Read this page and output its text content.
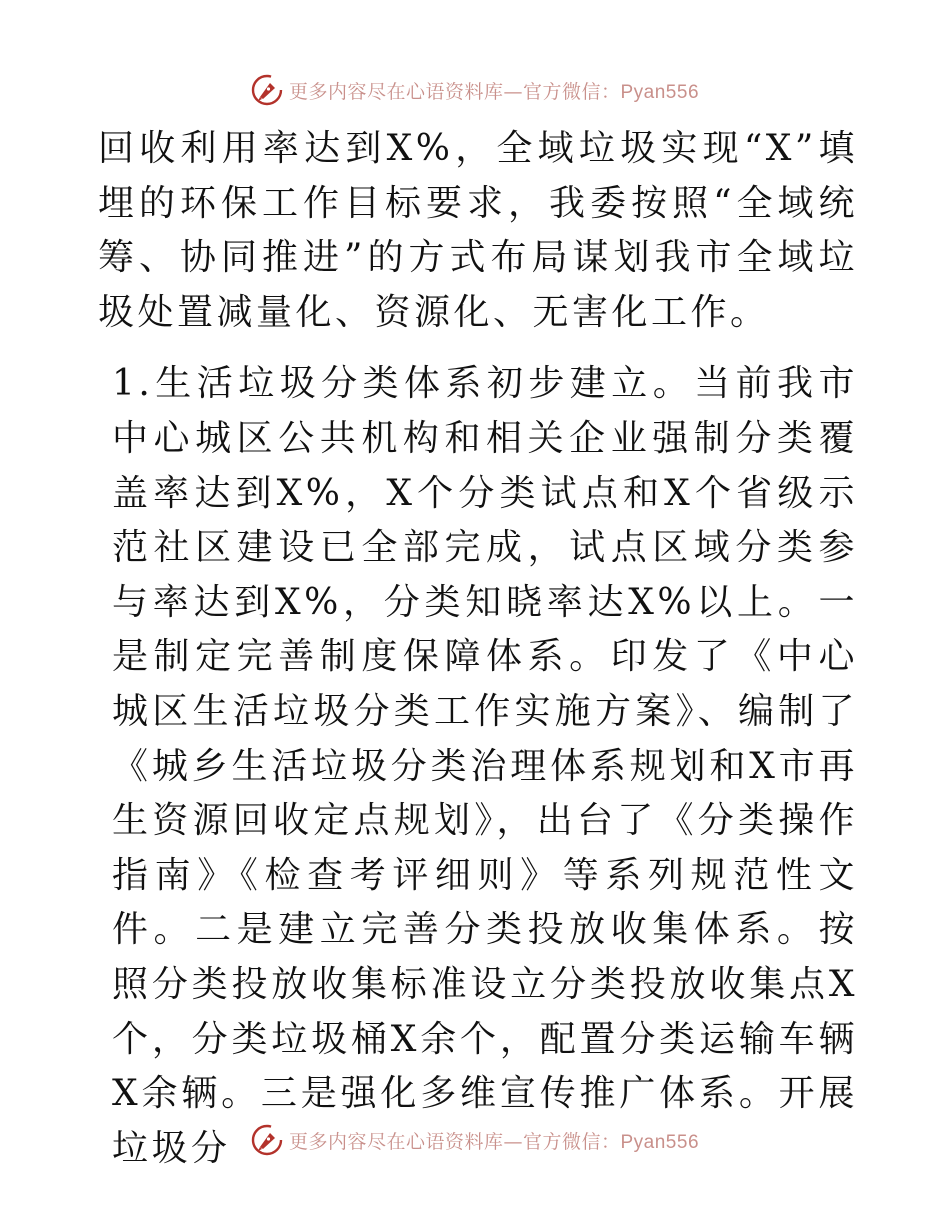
更多内容尽在心语资料库—官方微信：Pyan556

回收利用率达到X%，全域垃圾实现“X”填埋的环保工作目标要求，我委按照“全域统筹、协同推进”的方式布局谋划我市全域垃圾处置减量化、资源化、无害化工作。

1.生活垃圾分类体系初步建立。当前我市中心城区公共机构和相关企业强制分类覆盖率达到X%，X个分类试点和X个省级示范社区建设已全部完成，试点区域分类参与率达到X%，分类知晓率达X%以上。一是制定完善制度保障体系。印发了《中心城区生活垃圾分类工作实施方案》、编制了《城乡生活垃圾分类治理体系规划和X市再生资源回收定点规划》，出台了《分类操作指南》《检查考评细则》等系列规范性文件。二是建立完善分类投放收集体系。按照分类投放收集标准设立分类投放收集点X个，分类垃圾桶X余个，配置分类运输车辆X余辆。三是强化多维宣传推广体系。开展垃圾分	更多内容尽在心语资料库—官方微信：Pyan556
